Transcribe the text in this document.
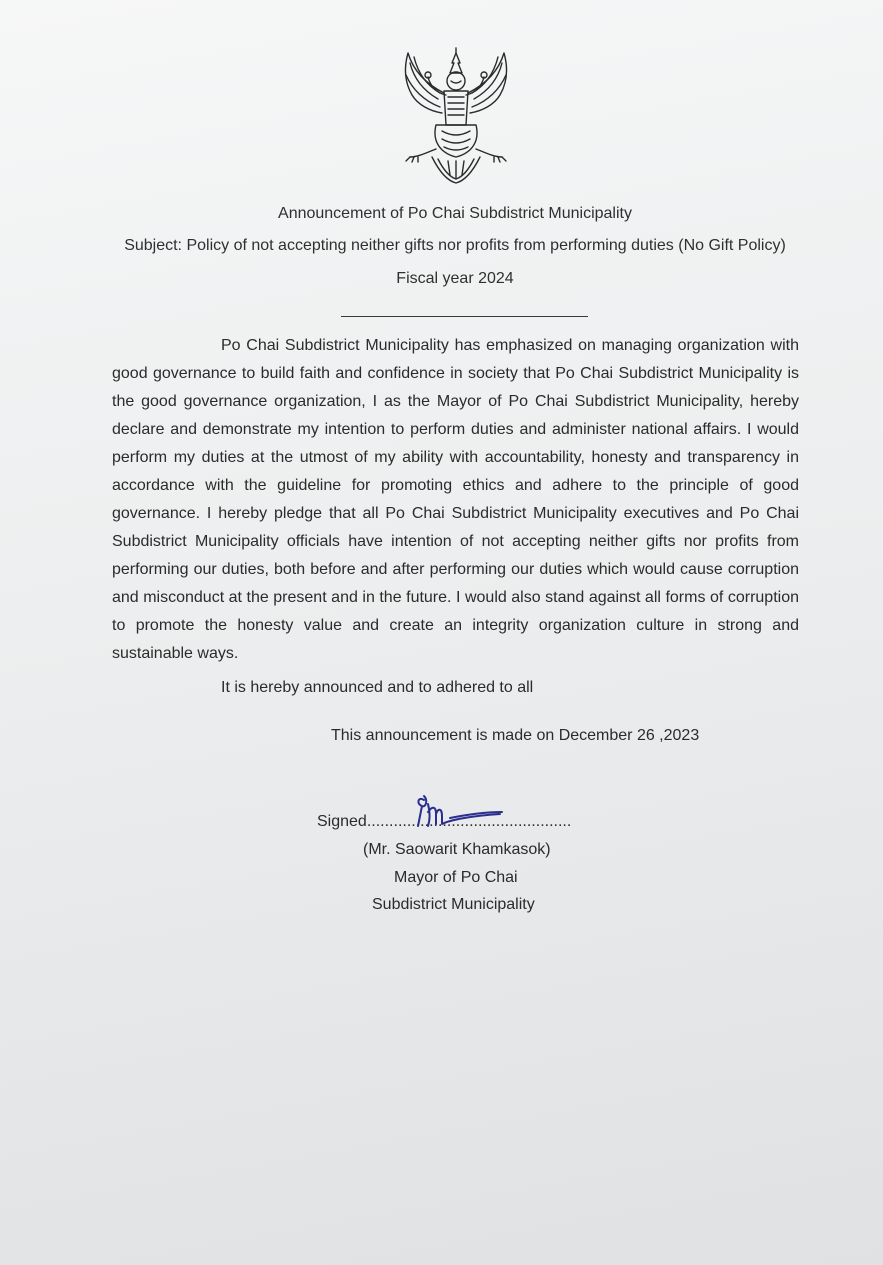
Announcement of Po Chai Subdistrict Municipality
Subject: Policy of not accepting neither gifts nor profits from performing duties (No Gift Policy)
Fiscal year 2024
Po Chai Subdistrict Municipality has emphasized on managing organization with good governance to build faith and confidence in society that Po Chai Subdistrict Municipality is the good governance organization, I as the Mayor of Po Chai Subdistrict Municipality, hereby declare and demonstrate my intention to perform duties and administer national affairs. I would perform my duties at the utmost of my ability with accountability, honesty and transparency in accordance with the guideline for promoting ethics and adhere to the principle of good governance. I hereby pledge that all Po Chai Subdistrict Municipality executives and Po Chai Subdistrict Municipality officials have intention of not accepting neither gifts nor profits from performing our duties, both before and after performing our duties which would cause corruption and misconduct at the present and in the future. I would also stand against all forms of corruption to promote the honesty value and create an integrity organization culture in strong and sustainable ways.
It is hereby announced and to adhered to all
This announcement is made on December 26 ,2023
Signed..............................................
(Mr. Saowarit Khamkasok)
Mayor of Po Chai
Subdistrict Municipality
